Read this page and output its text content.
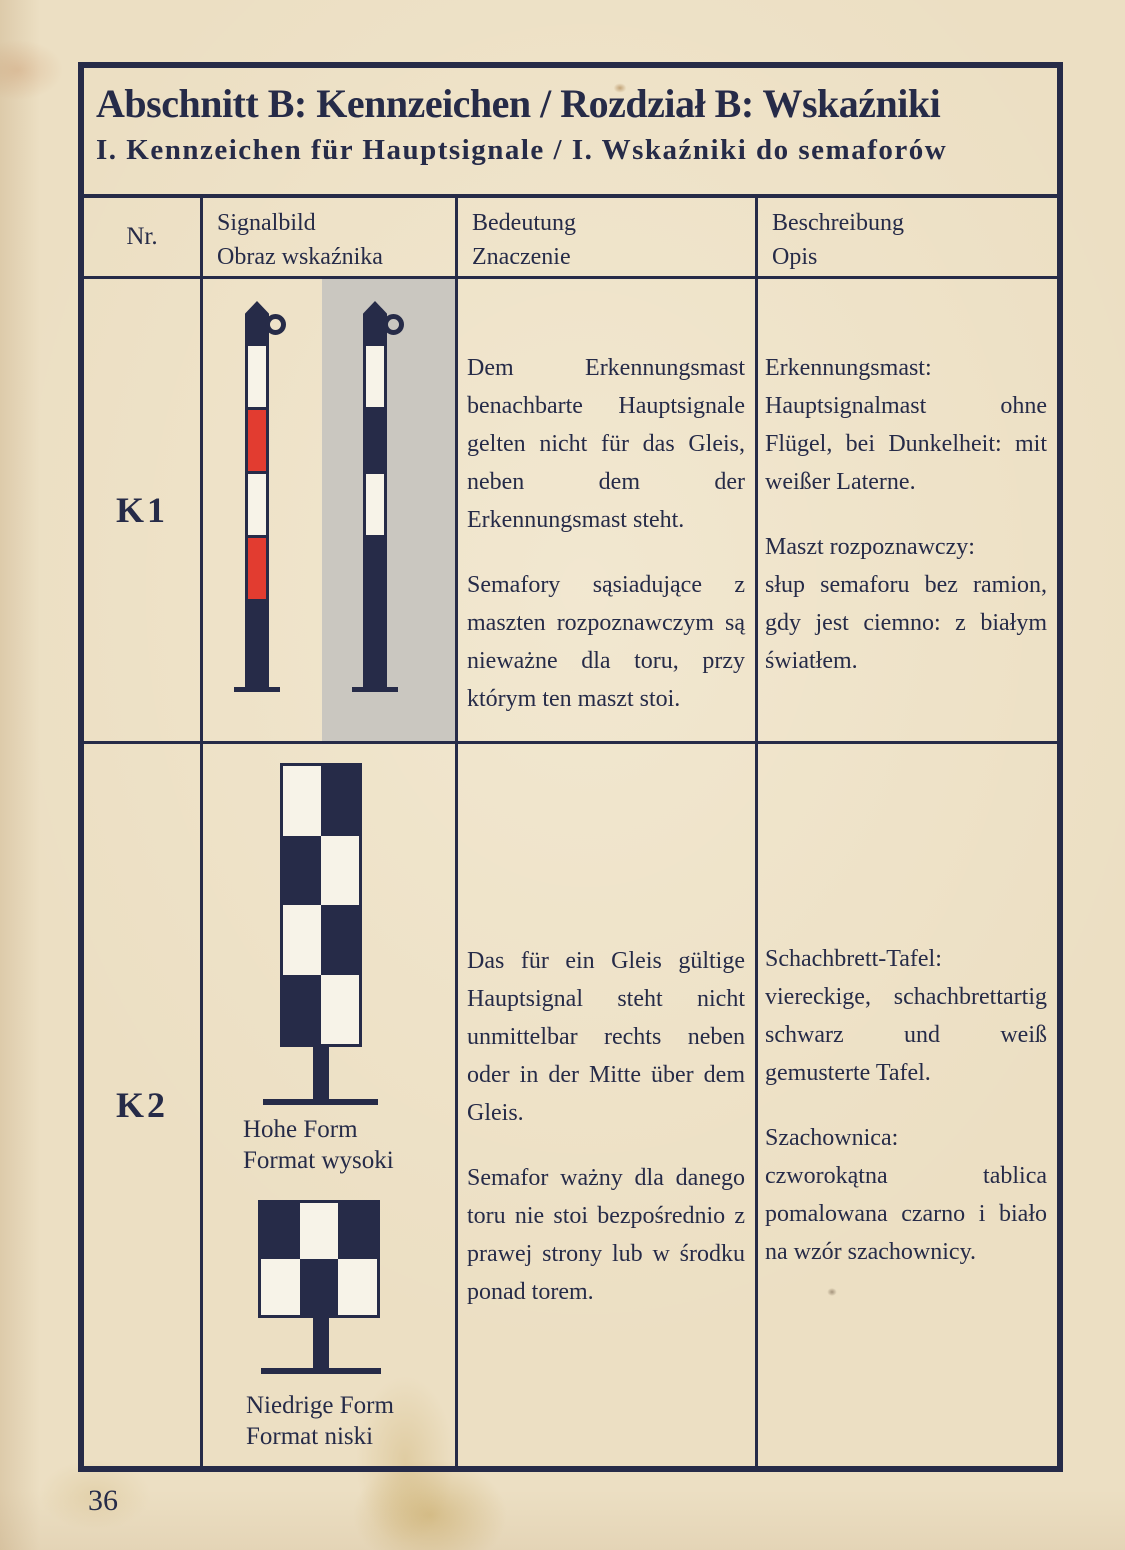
Abschnitt B: Kennzeichen / Rozdział B: Wskaźniki
I. Kennzeichen für Hauptsignale / I. Wskaźniki do semaforów
Nr. Signalbild
Obraz wskaźnika
Bedeutung
Znaczenie
Beschreibung
Opis
K1

Dem Erkennungsmast benachbarte Hauptsignale gelten nicht für das Gleis, neben dem der Erkennungsmast steht.

Semafory sąsiadujące z maszten rozpoznawczym są nieważne dla toru, przy którym ten maszt stoi.

Erkennungsmast:
Hauptsignalmast ohne Flügel, bei Dunkelheit: mit weißer Laterne.

Maszt rozpoznawczy:
słup semaforu bez ramion, gdy jest ciemno: z białym światłem.

K2
Hohe Form
Format wysoki
Niedrige Form
Format niski

Das für ein Gleis gültige Hauptsignal steht nicht unmittelbar rechts neben oder in der Mitte über dem Gleis.

Semafor ważny dla danego toru nie stoi bezpośrednio z prawej strony lub w środku ponad torem.

Schachbrett-Tafel:
viereckige, schachbrettartig schwarz und weiß gemusterte Tafel.

Szachownica:
czworokątna tablica pomalowana czarno i biało na wzór szachownicy.

36
